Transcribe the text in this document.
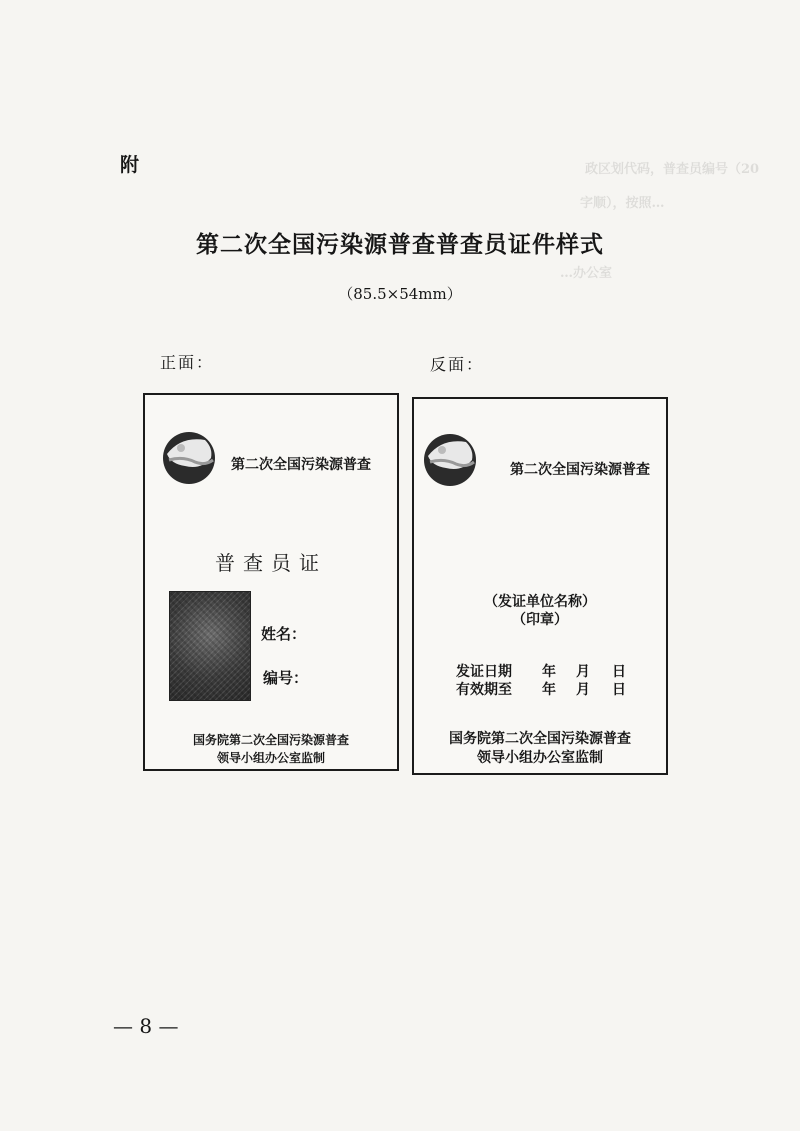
政区划代码，普查员编号（20
字顺），按照…
…办公室
附
第二次全国污染源普查普查员证件样式
（85.5×54mm）
正面：	反面：
第二次全国污染源普查
普查员证
姓名：
编号：
国务院第二次全国污染源普查
领导小组办公室监制
第二次全国污染源普查
（发证单位名称）
（印章）
发证日期 年 月 日
有效期至 年 月 日
国务院第二次全国污染源普查
领导小组办公室监制
— 8 —
